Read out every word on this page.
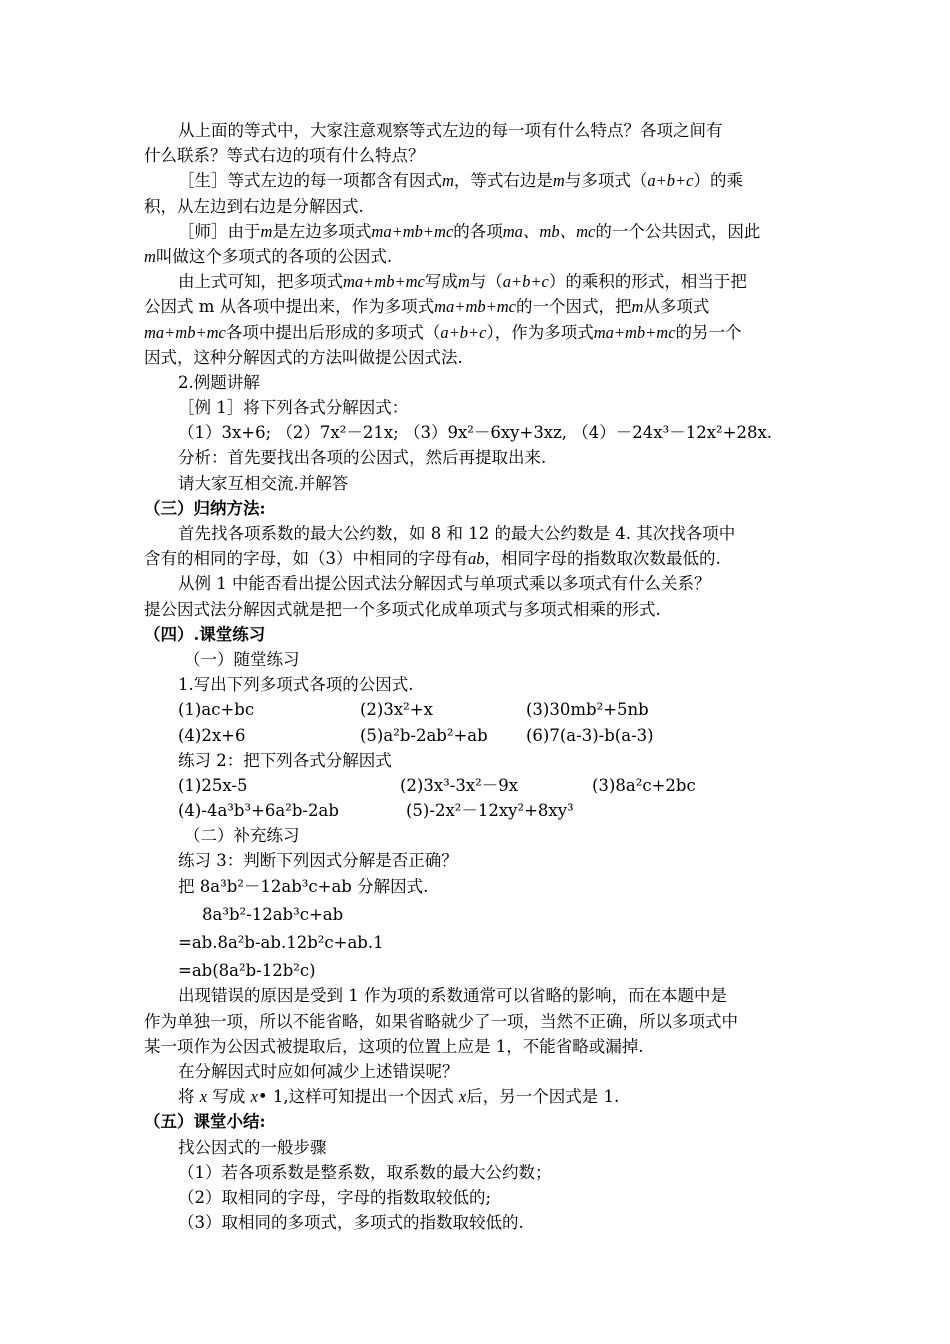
从上面的等式中，大家注意观察等式左边的每一项有什么特点？各项之间有
什么联系？等式右边的项有什么特点？
［生］等式左边的每一项都含有因式m，等式右边是m与多项式（a+b+c）的乘
积，从左边到右边是分解因式.
［师］由于m是左边多项式ma+mb+mc的各项ma、mb、mc的一个公共因式，因此
m叫做这个多项式的各项的公因式.
由上式可知，把多项式ma+mb+mc写成m与（a+b+c）的乘积的形式，相当于把
公因式 m 从各项中提出来，作为多项式ma+mb+mc的一个因式，把m从多项式
ma+mb+mc各项中提出后形成的多项式（a+b+c），作为多项式ma+mb+mc的另一个
因式，这种分解因式的方法叫做提公因式法.
2.例题讲解
［例 1］将下列各式分解因式：
（1）3x+6; （2）7x²－21x; （3）9x²－6xy+3xz, （4）－24x³－12x²+28x.
分析：首先要找出各项的公因式，然后再提取出来.
请大家互相交流.并解答
（三）归纳方法:
首先找各项系数的最大公约数，如 8 和 12 的最大公约数是 4. 其次找各项中
含有的相同的字母，如（3）中相同的字母有ab，相同字母的指数取次数最低的.
从例 1 中能否看出提公因式法分解因式与单项式乘以多项式有什么关系？
提公因式法分解因式就是把一个多项式化成单项式与多项式相乘的形式.
（四）.课堂练习
（一）随堂练习
1.写出下列多项式各项的公因式.
(1)ac+bc	(2)3x²+x	(3)30mb²+5nb
(4)2x+6	(5)a²b-2ab²+ab	(6)7(a-3)-b(a-3)
练习 2：把下列各式分解因式
(1)25x-5	(2)3x³-3x²－9x	(3)8a²c+2bc
(4)-4a³b³+6a²b-2ab	(5)-2x²－12xy²+8xy³
（二）补充练习
练习 3：判断下列因式分解是否正确？
把 8a³b²－12ab³c+ab 分解因式.
8a³b²-12ab³c+ab
=ab.8a²b-ab.12b²c+ab.1
=ab(8a²b-12b²c)
出现错误的原因是受到 1 作为项的系数通常可以省略的影响，而在本题中是
作为单独一项，所以不能省略，如果省略就少了一项，当然不正确，所以多项式中
某一项作为公因式被提取后，这项的位置上应是 1，不能省略或漏掉.
在分解因式时应如何减少上述错误呢？
将 x 写成 x• 1,这样可知提出一个因式 x后，另一个因式是 1.
（五）课堂小结:
找公因式的一般步骤
（1）若各项系数是整系数，取系数的最大公约数；
（2）取相同的字母，字母的指数取较低的;
（3）取相同的多项式，多项式的指数取较低的.
